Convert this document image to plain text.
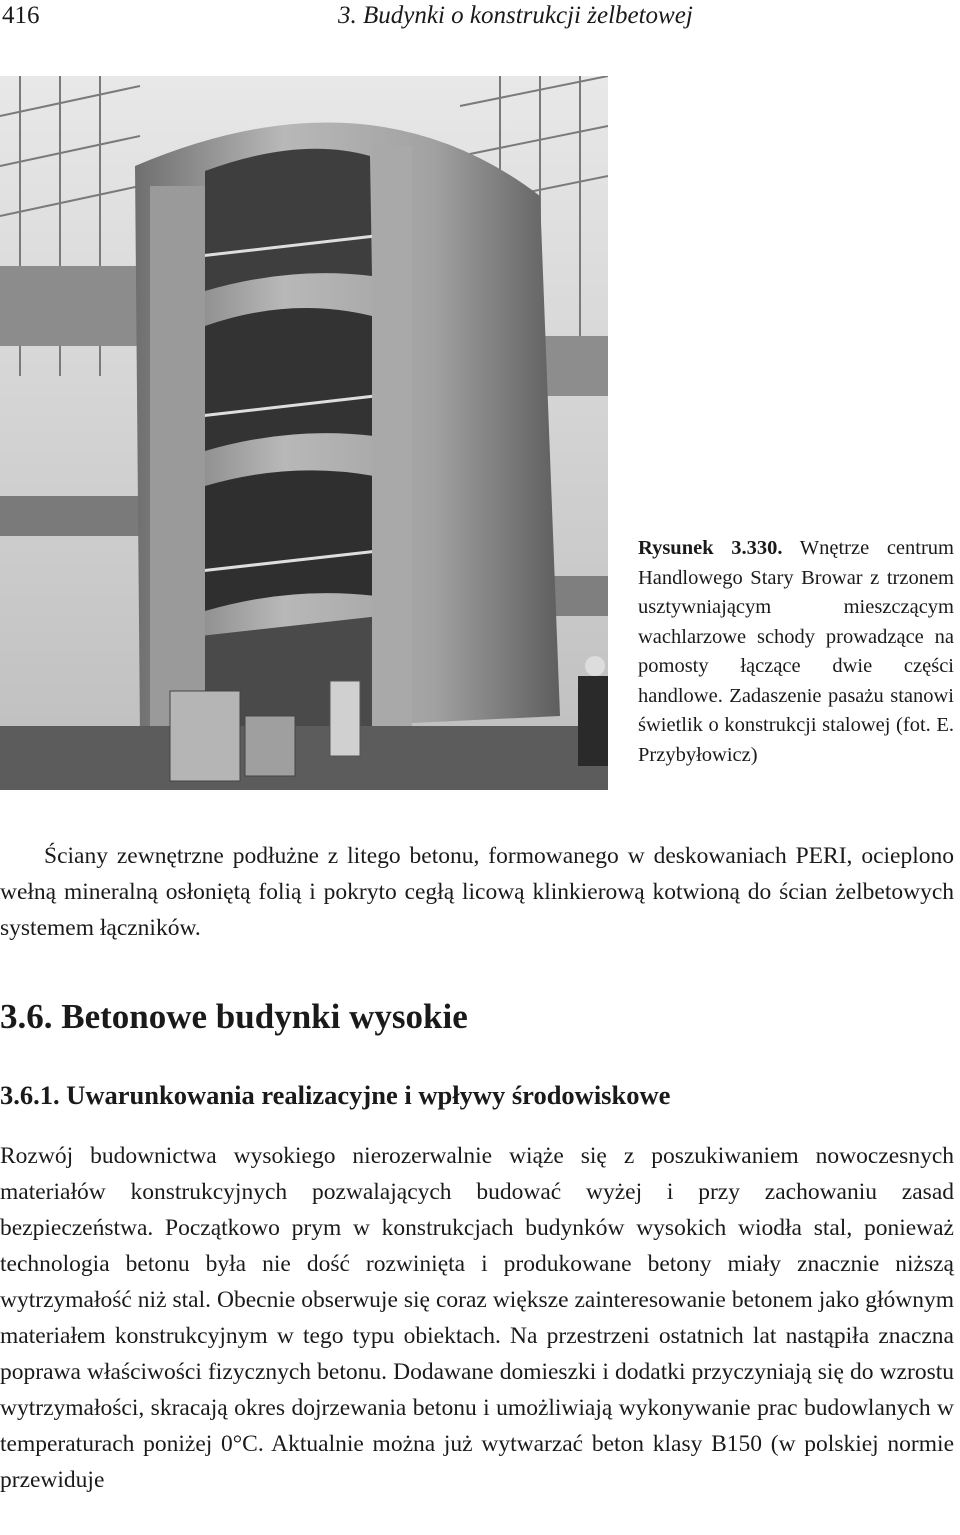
416	3. Budynki o konstrukcji żelbetowej
Rysunek 3.330. Wnętrze centrum Handlowego Stary Browar z trzonem usztywniającym mieszczącym wachlarzowe schody prowadzące na pomosty łączące dwie części handlowe. Zadaszenie pasażu stanowi świetlik o konstrukcji stalowej (fot. E. Przybyłowicz)

Ściany zewnętrzne podłużne z litego betonu, formowanego w deskowaniach PERI, ocieplono wełną mineralną osłoniętą folią i pokryto cegłą licową klinkierową kotwioną do ścian żelbetowych systemem łączników.

3.6. Betonowe budynki wysokie
3.6.1. Uwarunkowania realizacyjne i wpływy środowiskowe

Rozwój budownictwa wysokiego nierozerwalnie wiąże się z poszukiwaniem nowoczesnych materiałów konstrukcyjnych pozwalających budować wyżej i przy zachowaniu zasad bezpieczeństwa. Początkowo prym w konstrukcjach budynków wysokich wiodła stal, ponieważ technologia betonu była nie dość rozwinięta i produkowane betony miały znacznie niższą wytrzymałość niż stal. Obecnie obserwuje się coraz większe zainteresowanie betonem jako głównym materiałem konstrukcyjnym w tego typu obiektach. Na przestrzeni ostatnich lat nastąpiła znaczna poprawa właściwości fizycznych betonu. Dodawane domieszki i dodatki przyczyniają się do wzrostu wytrzymałości, skracają okres dojrzewania betonu i umożliwiają wykonywanie prac budowlanych w temperaturach poniżej 0°C. Aktualnie można już wytwarzać beton klasy B150 (w polskiej normie przewiduje
